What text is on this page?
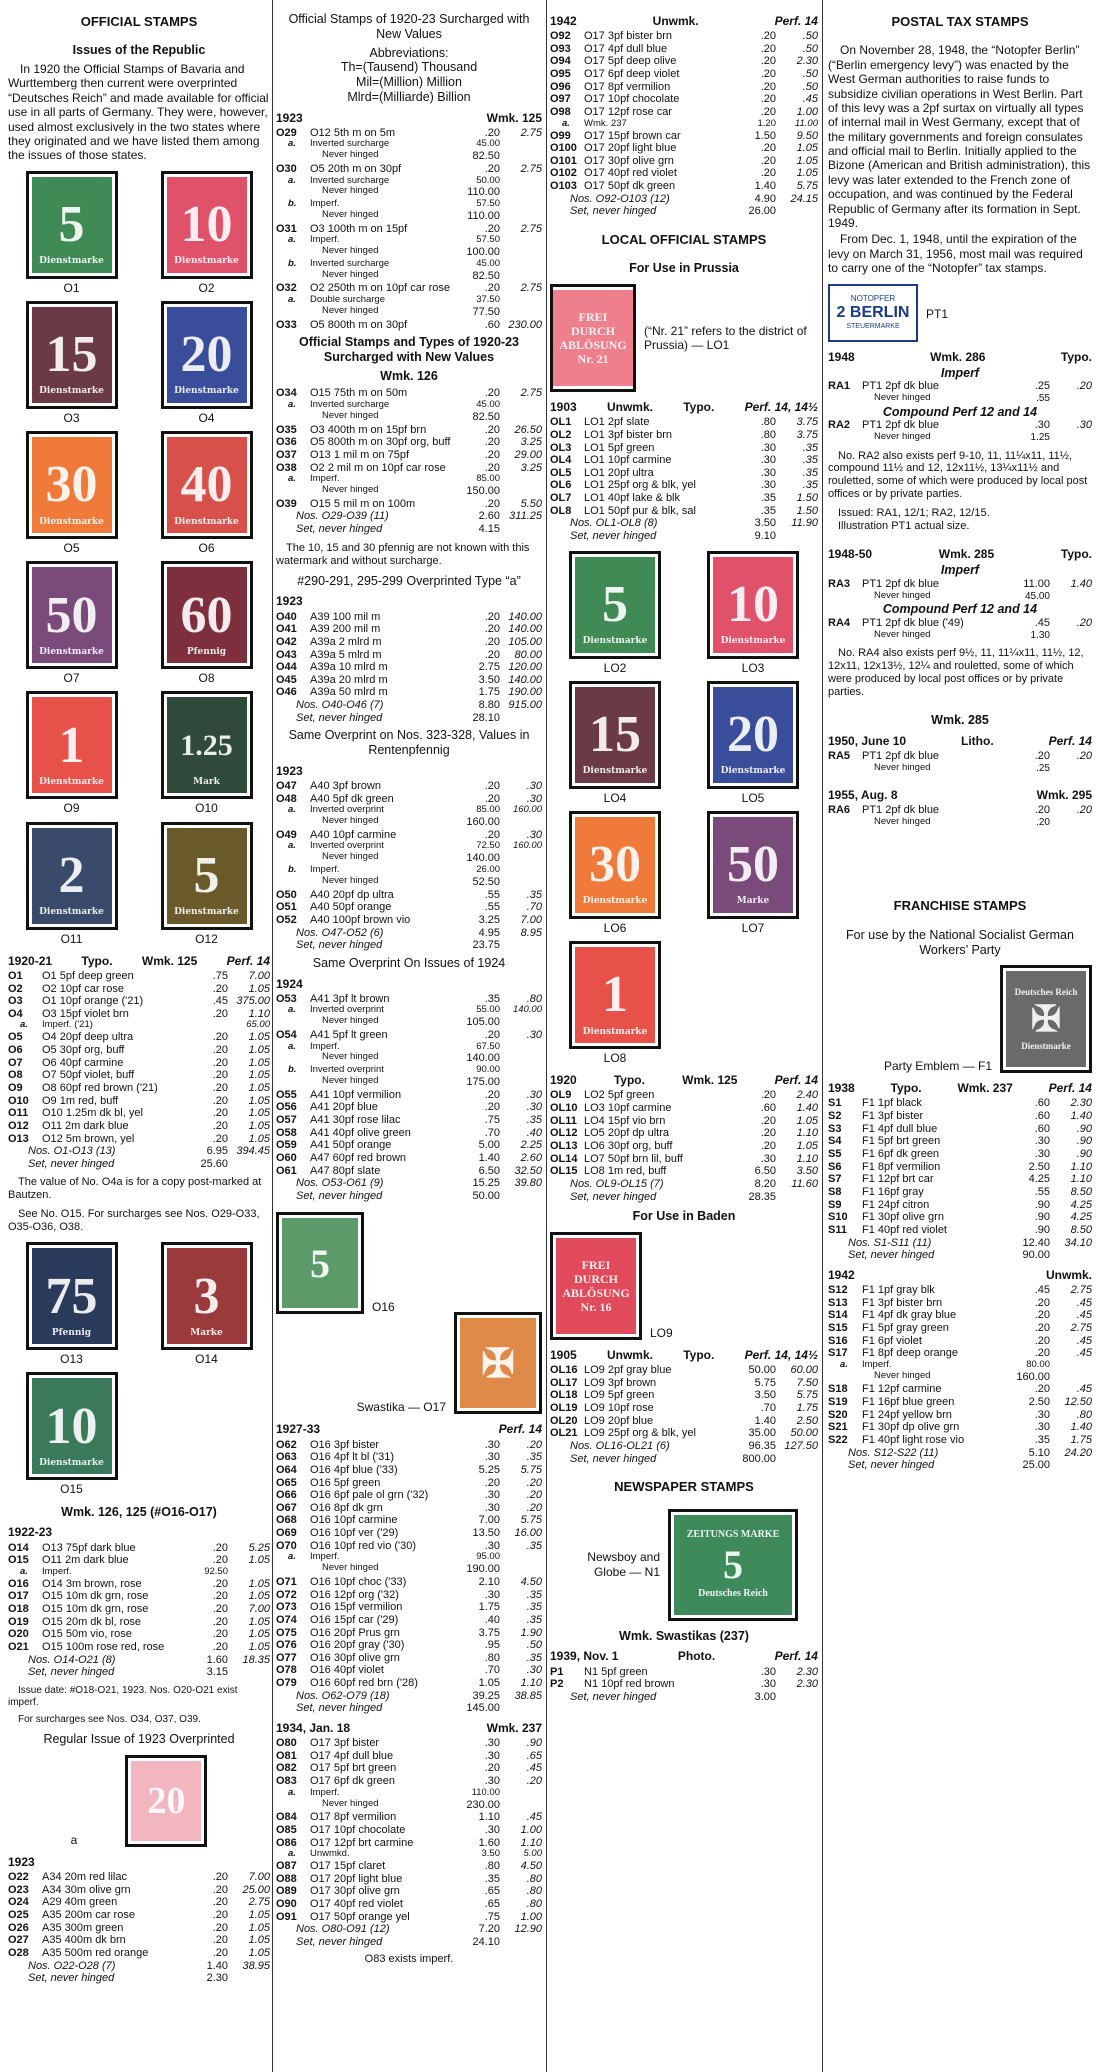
OFFICIAL STAMPS
Issues of the Republic

In 1920 the Official Stamps of Bavaria and Wurttemberg then current were overprinted “Deutsches Reich” and made available for official use in all parts of Germany. They were, however, used almost exclusively in the two states where they originated and we have listed them among the issues of those states.

5
Dienstmarke
O1
10
Dienstmarke
O2
15
Dienstmarke
O3
20
Dienstmarke
O4
30
Dienstmarke
O5
40
Dienstmarke
O6
50
Dienstmarke
O7
60
Pfennig
O8
1
Dienstmarke
O9
1.25
Mark
O10
2
Dienstmarke
O11
5
Dienstmarke
O12
1920-21 Typo. Wmk. 125 Perf. 14
O1	O1 5pf deep green	.75	7.00
O2	O2 10pf car rose	.20	1.05
O3	O1 10pf orange ('21)	.45 375.00
O4	O3 15pf violet brn	.20	1.10
a.	Imperf. ('21)	65.00
O5	O4 20pf deep ultra	.20	1.05
O6	O5 30pf org, buff	.20	1.05
O7	O6 40pf carmine	.20	1.05
O8	O7 50pf violet, buff	.20	1.05
O9	O8 60pf red brown ('21)	.20	1.05
O10	O9 1m red, buff	.20	1.05
O11	O10 1.25m dk bl, yel	.20	1.05
O12	O11 2m dark blue	.20	1.05
O13	O12 5m brown, yel	.20	1.05
Nos. O1-O13 (13)	6.95 394.45
Set, never hinged	25.60

The value of No. O4a is for a copy post-marked at Bautzen.

See No. O15. For surcharges see Nos. O29-O33, O35-O36, O38.

75
Pfennig
O13
3
Marke
O14
10
Dienstmarke
O15
Wmk. 126, 125 (#O16-O17)
1922-23
O14	O13 75pf dark blue	.20	5.25
O15	O11 2m dark blue	.20	1.05
a.	Imperf.	92.50
O16	O14 3m brown, rose	.20	1.05
O17	O15 10m dk grn, rose	.20	1.05
O18	O15 10m dk grn, rose	.20	7.00
O19	O15 20m dk bl, rose	.20	1.05
O20	O15 50m vio, rose	.20	1.05
O21	O15 100m rose red, rose	.20	1.05
Nos. O14-O21 (8)	1.60	18.35
Set, never hinged	3.15

Issue date: #O18-O21, 1923. Nos. O20-O21 exist imperf.

For surcharges see Nos. O34, O37, O39.

Regular Issue of 1923 Overprinted
a
20
1923
O22	A34 20m red lilac	.20	7.00
O23	A34 30m olive grn	.20	25.00
O24	A29 40m green	.20	2.75
O25	A35 200m car rose	.20	1.05
O26	A35 300m green	.20	1.05
O27	A35 400m dk brn	.20	1.05
O28	A35 500m red orange	.20	1.05
Nos. O22-O28 (7)	1.40	38.95
Set, never hinged	2.30
Official Stamps of 1920-23 Surcharged with New Values
Abbreviations:
Th=(Tausend) Thousand
Mil=(Million) Million
Mlrd=(Milliarde) Billion
1923	Wmk. 125
O29	O12 5th m on 5m	.20	2.75
a.	Inverted surcharge	45.00
Never hinged	82.50
O30	O5 20th m on 30pf	.20	2.75
a.	Inverted surcharge	50.00
Never hinged	110.00
b.	Imperf.	57.50
Never hinged	110.00
O31	O3 100th m on 15pf	.20	2.75
a.	Imperf.	57.50
Never hinged	100.00
b.	Inverted surcharge	45.00
Never hinged	82.50
O32	O2 250th m on 10pf car rose	.20	2.75
a.	Double surcharge	37.50
Never hinged	77.50
O33	O5 800th m on 30pf	.60 230.00
Official Stamps and Types of 1920-23 Surcharged with New Values
Wmk. 126
O34	O15 75th m on 50m	.20	2.75
a.	Inverted surcharge	45.00
Never hinged	82.50
O35	O3 400th m on 15pf brn	.20	26.50
O36	O5 800th m on 30pf org, buff	.20	3.25
O37	O13 1 mil m on 75pf	.20	29.00
O38	O2 2 mil m on 10pf car rose	.20	3.25
a.	Imperf.	85.00
Never hinged	150.00
O39	O15 5 mil m on 100m	.20	5.50
Nos. O29-O39 (11)	2.60 311.25
Set, never hinged	4.15

The 10, 15 and 30 pfennig are not known with this watermark and without surcharge.

#290-291, 295-299 Overprinted Type “a”
1923
O40	A39 100 mil m	.20 140.00
O41	A39 200 mil m	.20 140.00
O42	A39a 2 mlrd m	.20 105.00
O43	A39a 5 mlrd m	.20	80.00
O44	A39a 10 mlrd m	2.75 120.00
O45	A39a 20 mlrd m	3.50 140.00
O46	A39a 50 mlrd m	1.75 190.00
Nos. O40-O46 (7)	8.80 915.00
Set, never hinged	28.10
Same Overprint on Nos. 323-328, Values in Rentenpfennig
1923
O47	A40 3pf brown	.20	.30
O48	A40 5pf dk green	.20	.30
a.	Inverted overprint	85.00	160.00
Never hinged	160.00
O49	A40 10pf carmine	.20	.30
a.	Inverted overprint	72.50	160.00
Never hinged	140.00
b.	Imperf.	26.00
Never hinged	52.50
O50	A40 20pf dp ultra	.55	.35
O51	A40 50pf orange	.55	.70
O52	A40 100pf brown vio	3.25	7.00
Nos. O47-O52 (6)	4.95	8.95
Set, never hinged	23.75
Same Overprint On Issues of 1924
1924
O53	A41 3pf lt brown	.35	.80
a.	Inverted overprint	55.00	140.00
Never hinged	105.00
O54	A41 5pf lt green	.20	.30
a.	Imperf.	67.50
Never hinged	140.00
b.	Inverted overprint	90.00
Never hinged	175.00
O55	A41 10pf vermilion	.20	.30
O56	A41 20pf blue	.20	.30
O57	A41 30pf rose lilac	.75	.35
O58	A41 40pf olive green	.70	.40
O59	A41 50pf orange	5.00	2.25
O60	A47 60pf red brown	1.40	2.60
O61	A47 80pf slate	6.50	32.50
Nos. O53-O61 (9)	15.25	39.80
Set, never hinged	50.00
5
O16
Swastika — O17
✠
1927-33	Perf. 14
O62	O16 3pf bister	.30	.20
O63	O16 4pf lt bl ('31)	.30	.35
O64	O16 4pf blue ('33)	5.25	5.75
O65	O16 5pf green	.20	.20
O66	O16 6pf pale ol grn ('32)	.30	.20
O67	O16 8pf dk grn	.30	.20
O68	O16 10pf carmine	7.00	5.75
O69	O16 10pf ver ('29)	13.50	16.00
O70	O16 10pf red vio ('30)	.30	.35
a.	Imperf.	95.00
Never hinged	190.00
O71	O16 10pf choc ('33)	2.10	4.50
O72	O16 12pf org ('32)	.30	.35
O73	O16 15pf vermilion	1.75	.35
O74	O16 15pf car ('29)	.40	.35
O75	O16 20pf Prus grn	3.75	1.90
O76	O16 20pf gray ('30)	.95	.50
O77	O16 30pf olive grn	.80	.35
O78	O16 40pf violet	.70	.30
O79	O16 60pf red brn ('28)	1.05	1.10
Nos. O62-O79 (18)	39.25	38.85
Set, never hinged	145.00
1934, Jan. 18	Wmk. 237
O80	O17 3pf bister	.30	.90
O81	O17 4pf dull blue	.30	.65
O82	O17 5pf brt green	.20	.45
O83	O17 6pf dk green	.30	.20
a.	Imperf.	110.00
Never hinged	230.00
O84	O17 8pf vermilion	1.10	.45
O85	O17 10pf chocolate	.30	1.00
O86	O17 12pf brt carmine	1.60	1.10
a.	Unwmkd.	3.50	5.00
O87	O17 15pf claret	.80	4.50
O88	O17 20pf light blue	.35	.80
O89	O17 30pf olive grn	.65	.80
O90	O17 40pf red violet	.65	.80
O91	O17 50pf orange yel	.75	1.00
Nos. O80-O91 (12)	7.20	12.90
Set, never hinged	24.10
O83 exists imperf.
1942	Unwmk.	Perf. 14
O92	O17 3pf bister brn	.20	.50
O93	O17 4pf dull blue	.20	.50
O94	O17 5pf deep olive	.20	2.30
O95	O17 6pf deep violet	.20	.50
O96	O17 8pf vermilion	.20	.50
O97	O17 10pf chocolate	.20	.45
O98	O17 12pf rose car	.20	1.00
a.	Wmk. 237	1.20	11.00
O99	O17 15pf brown car	1.50	9.50
O100 O17 20pf light blue	.20	1.05
O101 O17 30pf olive grn	.20	1.05
O102 O17 40pf red violet	.20	1.05
O103 O17 50pf dk green	1.40	5.75
Nos. O92-O103 (12)	4.90	24.15
Set, never hinged	26.00
LOCAL OFFICIAL STAMPS
For Use in Prussia
FREI DURCH ABLÖSUNG Nr. 21
(“Nr. 21” refers to the district of Prussia) — LO1
1903	Unwmk.	Typo.	Perf. 14, 14½
OL1	LO1 2pf slate	.80	3.75
OL2	LO1 3pf bister brn	.80	3.75
OL3	LO1 5pf green	.30	.35
OL4	LO1 10pf carmine	.30	.35
OL5	LO1 20pf ultra	.30	.35
OL6	LO1 25pf org & blk, yel	.30	.35
OL7	LO1 40pf lake & blk	.35	1.50
OL8	LO1 50pf pur & blk, sal	.35	1.50
Nos. OL1-OL8 (8)	3.50	11.90
Set, never hinged	9.10
5
Dienstmarke
LO2
10
Dienstmarke
LO3
15
Dienstmarke
LO4
20
Dienstmarke
LO5
30
Dienstmarke
LO6
50
Marke
LO7
1
Dienstmarke
LO8
1920	Typo.	Wmk. 125	Perf. 14
OL9	LO2 5pf green	.20	2.40
OL10 LO3 10pf carmine	.60	1.40
OL11 LO4 15pf vio brn	.20	1.05
OL12 LO5 20pf dp ultra	.20	1.10
OL13 LO6 30pf org, buff	.20	1.05
OL14 LO7 50pf brn lil, buff	.30	1.10
OL15 LO8 1m red, buff	6.50	3.50
Nos. OL9-OL15 (7)	8.20	11.60
Set, never hinged	28.35
For Use in Baden
FREI DURCH ABLÖSUNG Nr. 16
LO9
1905	Unwmk.	Typo.	Perf. 14, 14½
OL16 LO9 2pf gray blue	50.00	60.00
OL17 LO9 3pf brown	5.75	7.50
OL18 LO9 5pf green	3.50	5.75
OL19 LO9 10pf rose	.70	1.75
OL20 LO9 20pf blue	1.40	2.50
OL21 LO9 25pf org & blk, yel	35.00	50.00
Nos. OL16-OL21 (6)	96.35 127.50
Set, never hinged	800.00
NEWSPAPER STAMPS
Newsboy and Globe — N1
ZEITUNGS MARKE
5
Deutsches Reich
Wmk. Swastikas (237)
1939, Nov. 1	Photo.	Perf. 14
P1	N1 5pf green	.30	2.30
P2	N1 10pf red brown	.30	2.30
Set, never hinged	3.00
POSTAL TAX STAMPS

On November 28, 1948, the “Notopfer Berlin” (“Berlin emergency levy”) was enacted by the West German authorities to raise funds to subsidize civilian operations in West Berlin. Part of this levy was a 2pf surtax on virtually all types of internal mail in West Germany, except that of the military governments and foreign consulates and official mail to Berlin. Initially applied to the Bizone (American and British administration), this levy was later extended to the French zone of occupation, and was continued by the Federal Republic of Germany after its formation in Sept. 1949.

From Dec. 1, 1948, until the expiration of the levy on March 31, 1956, most mail was required to carry one of the “Notopfer” tax stamps.

NOTOPFER
2 BERLIN
STEUERMARKE
PT1
1948	Wmk. 286	Typo.
Imperf
RA1	PT1 2pf dk blue	.25	.20
Never hinged	.55
Compound Perf 12 and 14
RA2	PT1 2pf dk blue	.30	.30
Never hinged	1.25

No. RA2 also exists perf 9-10, 11, 11¼x11, 11½, compound 11½ and 12, 12x11½, 13¼x11½ and rouletted, some of which were produced by local post offices or by private parties.

Issued: RA1, 12/1; RA2, 12/15.

Illustration PT1 actual size.

1948-50	Wmk. 285	Typo.
Imperf
RA3	PT1 2pf dk blue	11.00	1.40
Never hinged	45.00
Compound Perf 12 and 14
RA4	PT1 2pf dk blue ('49)	.45	.20
Never hinged	1.30

No. RA4 also exists perf 9½, 11, 11¼x11, 11½, 12, 12x11, 12x13½, 12¼ and rouletted, some of which were produced by local post offices or by private parties.

Wmk. 285
1950, June 10	Litho.	Perf. 14
RA5	PT1 2pf dk blue	.20	.20
Never hinged	.25
1955, Aug. 8	Wmk. 295
RA6	PT1 2pf dk blue	.20	.20
Never hinged	.20
FRANCHISE STAMPS
For use by the National Socialist German Workers’ Party
Party Emblem — F1
Deutsches Reich
✠
Dienstmarke
1938	Typo.	Wmk. 237	Perf. 14
S1	F1 1pf black	.60	2.30
S2	F1 3pf bister	.60	1.40
S3	F1 4pf dull blue	.60	.90
S4	F1 5pf brt green	.30	.90
S5	F1 6pf dk green	.30	.90
S6	F1 8pf vermilion	2.50	1.10
S7	F1 12pf brt car	4.25	1.10
S8	F1 16pf gray	.55	8.50
S9	F1 24pf citron	.90	4.25
S10	F1 30pf olive grn	.90	4.25
S11	F1 40pf red violet	.90	8.50
Nos. S1-S11 (11)	12.40	34.10
Set, never hinged	90.00
1942	Unwmk.
S12	F1 1pf gray blk	.45	2.75
S13	F1 3pf bister brn	.20	.45
S14	F1 4pf dk gray blue	.20	.45
S15	F1 5pf gray green	.20	2.75
S16	F1 6pf violet	.20	.45
S17	F1 8pf deep orange	.20	.45
a.	Imperf.	80.00
Never hinged	160.00
S18	F1 12pf carmine	.20	.45
S19	F1 16pf blue green	2.50	12.50
S20	F1 24pf yellow brn	.30	.80
S21	F1 30pf dp olive grn	.30	1.40
S22	F1 40pf light rose vio	.35	1.75
Nos. S12-S22 (11)	5.10	24.20
Set, never hinged	25.00
